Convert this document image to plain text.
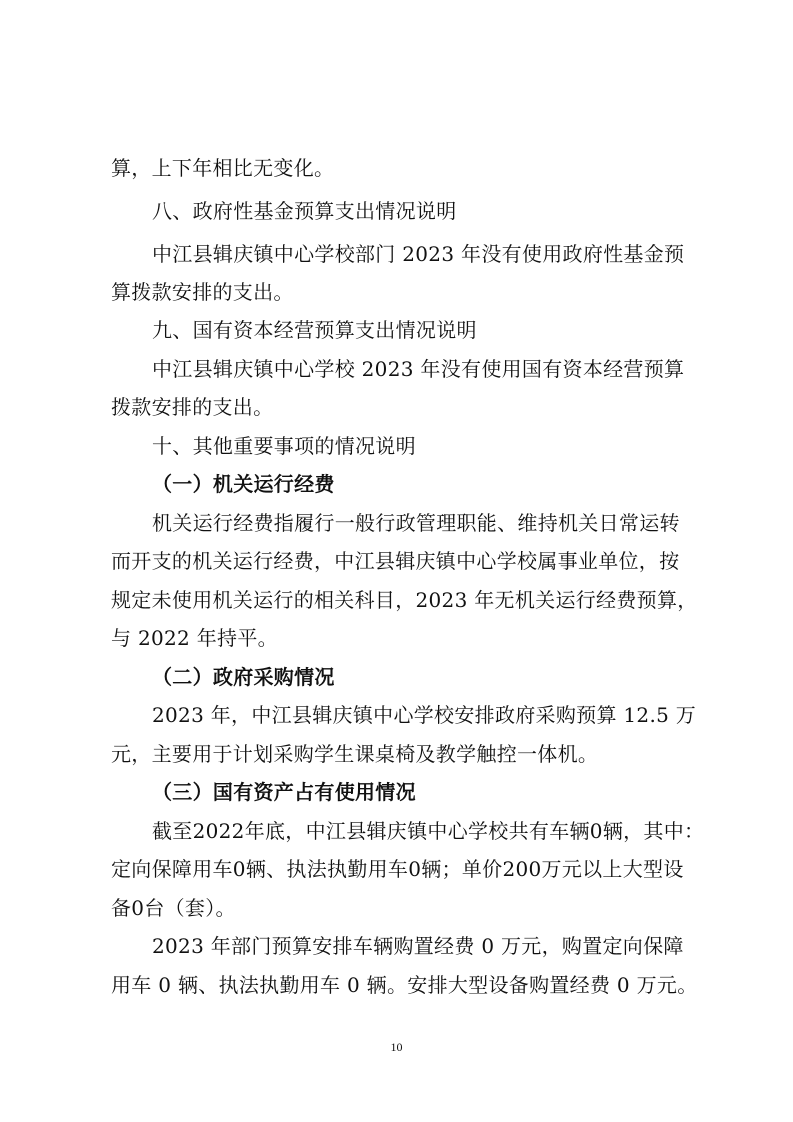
算，上下年相比无变化。
八、政府性基金预算支出情况说明
中江县辑庆镇中心学校部门 2023 年没有使用政府性基金预
算拨款安排的支出。
九、国有资本经营预算支出情况说明
中江县辑庆镇中心学校 2023 年没有使用国有资本经营预算
拨款安排的支出。
十、其他重要事项的情况说明
（一）机关运行经费
机关运行经费指履行一般行政管理职能、维持机关日常运转
而开支的机关运行经费，中江县辑庆镇中心学校属事业单位，按
规定未使用机关运行的相关科目，2023 年无机关运行经费预算，
与 2022 年持平。
（二）政府采购情况
2023 年，中江县辑庆镇中心学校安排政府采购预算 12.5 万
元，主要用于计划采购学生课桌椅及教学触控一体机。
（三）国有资产占有使用情况
截至2022年底，中江县辑庆镇中心学校共有车辆0辆，其中：
定向保障用车0辆、执法执勤用车0辆；单价200万元以上大型设
备0台（套）。
2023 年部门预算安排车辆购置经费 0 万元，购置定向保障
用车 0 辆、执法执勤用车 0 辆。安排大型设备购置经费 0 万元。
10
